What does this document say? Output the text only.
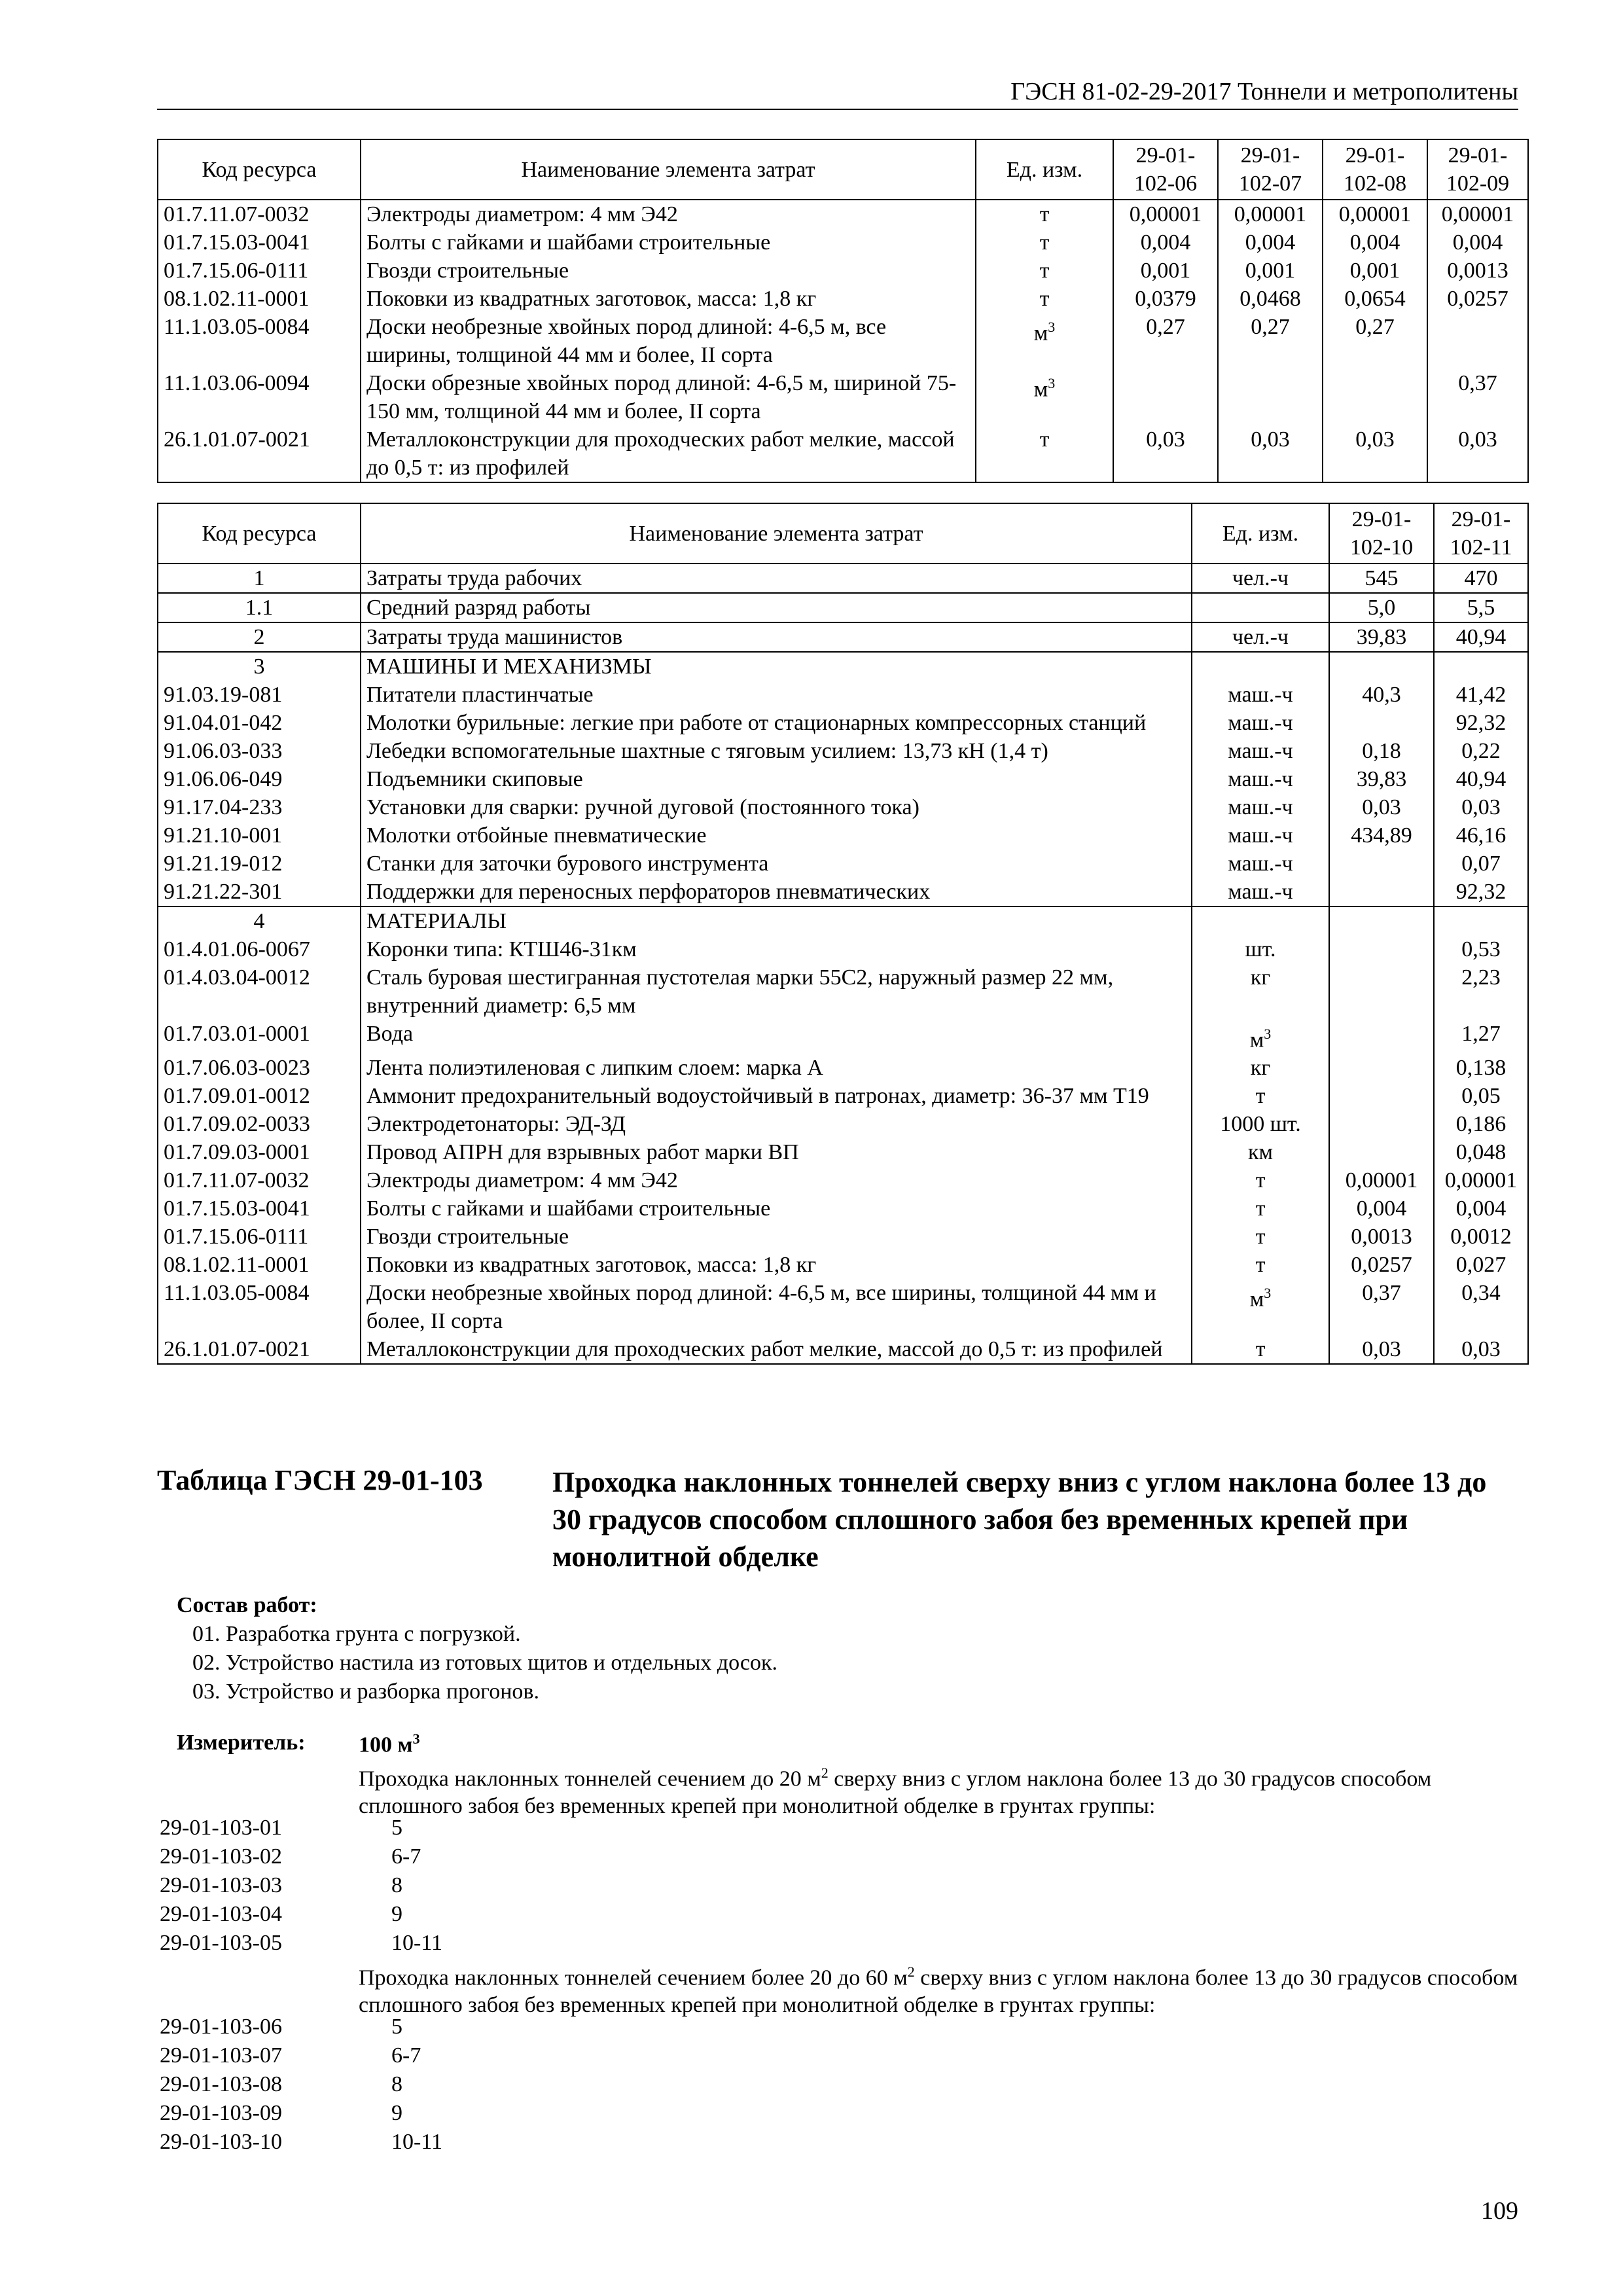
ГЭСН 81-02-29-2017 Тоннели и метрополитены
Код ресурса	Наименование элемента затрат	Ед. изм.	29-01-102-06	29-01-102-07	29-01-102-08	29-01-102-09
01.7.11.07-0032	Электроды диаметром: 4 мм Э42	т	0,00001	0,00001	0,00001	0,00001
01.7.15.03-0041	Болты с гайками и шайбами строительные	т	0,004	0,004	0,004	0,004
01.7.15.06-0111	Гвозди строительные	т	0,001	0,001	0,001	0,0013
08.1.02.11-0001	Поковки из квадратных заготовок, масса: 1,8 кг	т	0,0379	0,0468	0,0654	0,0257
11.1.03.05-0084	Доски необрезные хвойных пород длиной: 4-6,5 м, все ширины, толщиной 44 мм и более, II сорта	$м^3$	0,27	0,27	0,27	
11.1.03.06-0094	Доски обрезные хвойных пород длиной: 4-6,5 м, шириной 75-150 мм, толщиной 44 мм и более, II сорта	$м^3$				0,37
26.1.01.07-0021	Металлоконструкции для проходческих работ мелкие, массой до 0,5 т: из профилей	т	0,03	0,03	0,03	0,03
Код ресурса	Наименование элемента затрат	Ед. изм.	29-01-102-10	29-01-102-11
1	Затраты труда рабочих	чел.-ч	545	470
1.1	Средний разряд работы		5,0	5,5
2	Затраты труда машинистов	чел.-ч	39,83	40,94
3	МАШИНЫ И МЕХАНИЗМЫ			
91.03.19-081	Питатели пластинчатые	маш.-ч	40,3	41,42
91.04.01-042	Молотки бурильные: легкие при работе от стационарных компрессорных станций	маш.-ч		92,32
91.06.03-033	Лебедки вспомогательные шахтные с тяговым усилием: 13,73 кН (1,4 т)	маш.-ч	0,18	0,22
91.06.06-049	Подъемники скиповые	маш.-ч	39,83	40,94
91.17.04-233	Установки для сварки: ручной дуговой (постоянного тока)	маш.-ч	0,03	0,03
91.21.10-001	Молотки отбойные пневматические	маш.-ч	434,89	46,16
91.21.19-012	Станки для заточки бурового инструмента	маш.-ч		0,07
91.21.22-301	Поддержки для переносных перфораторов пневматических	маш.-ч		92,32
4	МАТЕРИАЛЫ			
01.4.01.06-0067	Коронки типа: КТШ46-31км	шт.		0,53
01.4.03.04-0012	Сталь буровая шестигранная пустотелая марки 55С2, наружный размер 22 мм, внутренний диаметр: 6,5 мм	кг		2,23
01.7.03.01-0001	Вода	$м^3$		1,27
01.7.06.03-0023	Лента полиэтиленовая с липким слоем: марка А	кг		0,138
01.7.09.01-0012	Аммонит предохранительный водоустойчивый в патронах, диаметр: 36-37 мм Т19	т		0,05
01.7.09.02-0033	Электродетонаторы: ЭД-ЗД	1000 шт.		0,186
01.7.09.03-0001	Провод АПРН для взрывных работ марки ВП	км		0,048
01.7.11.07-0032	Электроды диаметром: 4 мм Э42	т	0,00001	0,00001
01.7.15.03-0041	Болты с гайками и шайбами строительные	т	0,004	0,004
01.7.15.06-0111	Гвозди строительные	т	0,0013	0,0012
08.1.02.11-0001	Поковки из квадратных заготовок, масса: 1,8 кг	т	0,0257	0,027
11.1.03.05-0084	Доски необрезные хвойных пород длиной: 4-6,5 м, все ширины, толщиной 44 мм и более, II сорта	$м^3$	0,37	0,34
26.1.01.07-0021	Металлоконструкции для проходческих работ мелкие, массой до 0,5 т: из профилей	т	0,03	0,03
Таблица ГЭСН 29-01-103 Проходка наклонных тоннелей сверху вниз с углом наклона более 13 до 30 градусов способом сплошного забоя без временных крепей при монолитной обделке
Состав работ:
01. Разработка грунта с погрузкой.
02. Устройство настила из готовых щитов и отдельных досок.
03. Устройство и разборка прогонов.
Измеритель: 100 $м^3$
Проходка наклонных тоннелей сечением до 20 $м^2$ сверху вниз с углом наклона более 13 до 30 градусов способом сплошного забоя без временных крепей при монолитной обделке в грунтах группы:
29-01-103-01	5
29-01-103-02	6-7
29-01-103-03	8
29-01-103-04	9
29-01-103-05	10-11
Проходка наклонных тоннелей сечением более 20 до 60 $м^2$ сверху вниз с углом наклона более 13 до 30 градусов способом сплошного забоя без временных крепей при монолитной обделке в грунтах группы:
29-01-103-06	5
29-01-103-07	6-7
29-01-103-08	8
29-01-103-09	9
29-01-103-10	10-11
109
